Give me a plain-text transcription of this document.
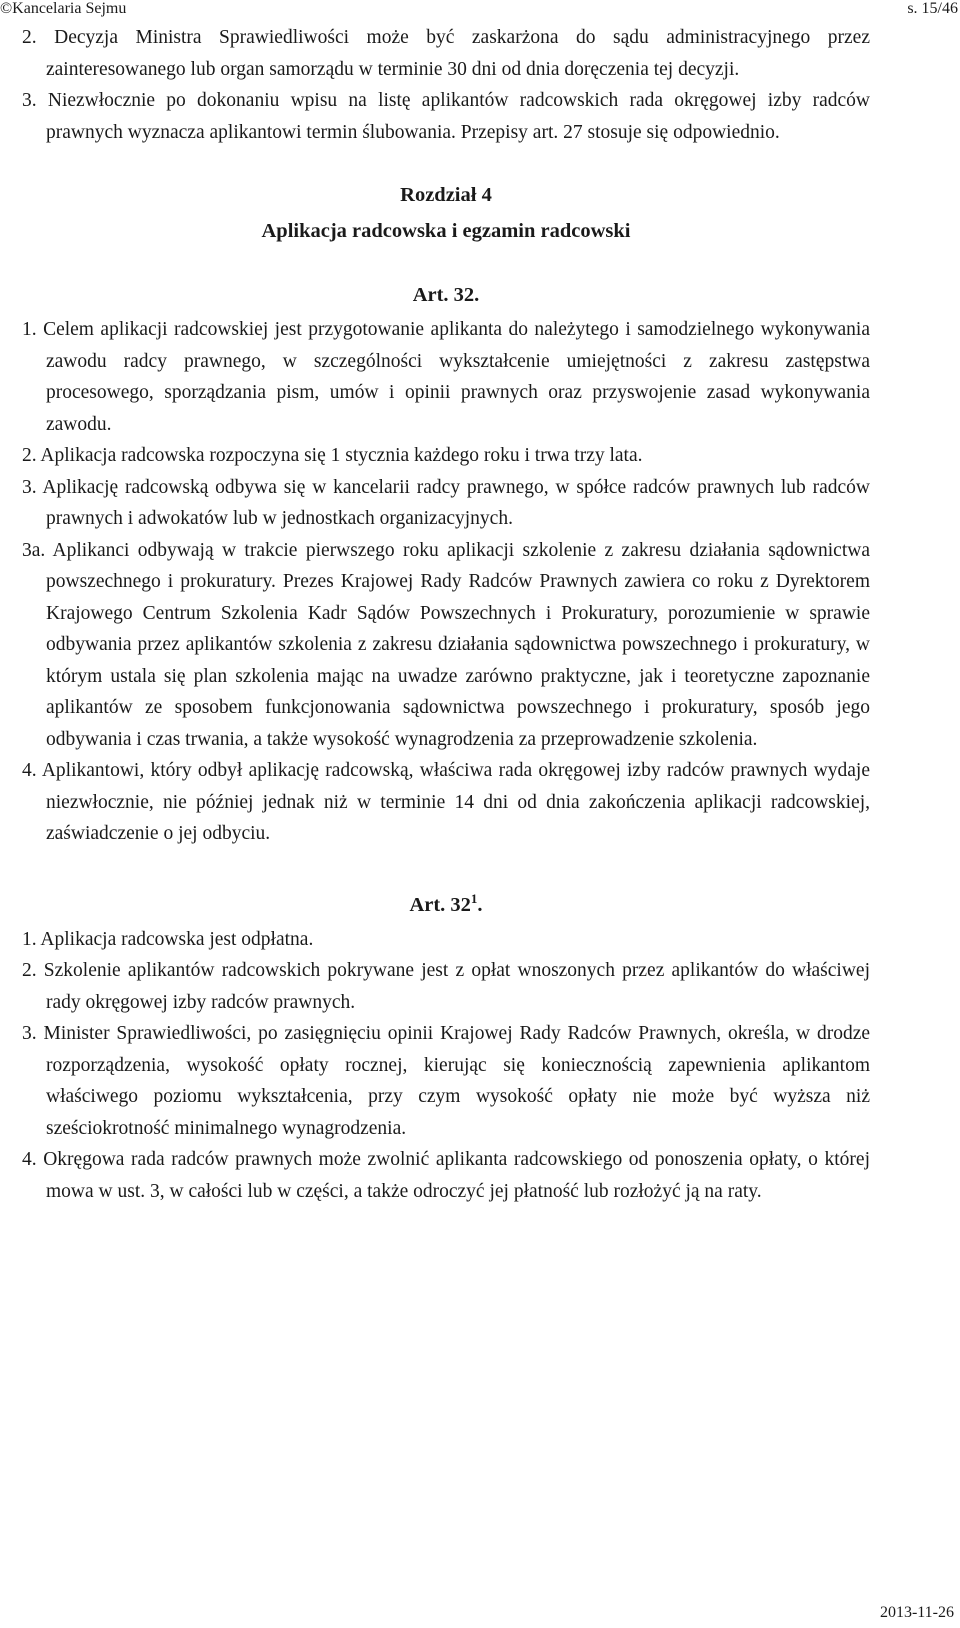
©Kancelaria Sejmu	s. 15/46

2. Decyzja Ministra Sprawiedliwości może być zaskarżona do sądu administracyjnego przez zainteresowanego lub organ samorządu w terminie 30 dni od dnia doręczenia tej decyzji.

3. Niezwłocznie po dokonaniu wpisu na listę aplikantów radcowskich rada okręgowej izby radców prawnych wyznacza aplikantowi termin ślubowania. Przepisy art. 27 stosuje się odpowiednio.

Rozdział 4

Aplikacja radcowska i egzamin radcowski

Art. 32.

1. Celem aplikacji radcowskiej jest przygotowanie aplikanta do należytego i samodzielnego wykonywania zawodu radcy prawnego, w szczególności wykształcenie umiejętności z zakresu zastępstwa procesowego, sporządzania pism, umów i opinii prawnych oraz przyswojenie zasad wykonywania zawodu.

2. Aplikacja radcowska rozpoczyna się 1 stycznia każdego roku i trwa trzy lata.

3. Aplikację radcowską odbywa się w kancelarii radcy prawnego, w spółce radców prawnych lub radców prawnych i adwokatów lub w jednostkach organizacyjnych.

3a. Aplikanci odbywają w trakcie pierwszego roku aplikacji szkolenie z zakresu działania sądownictwa powszechnego i prokuratury. Prezes Krajowej Rady Radców Prawnych zawiera co roku z Dyrektorem Krajowego Centrum Szkolenia Kadr Sądów Powszechnych i Prokuratury, porozumienie w sprawie odbywania przez aplikantów szkolenia z zakresu działania sądownictwa powszechnego i prokuratury, w którym ustala się plan szkolenia mając na uwadze zarówno praktyczne, jak i teoretyczne zapoznanie aplikantów ze sposobem funkcjonowania sądownictwa powszechnego i prokuratury, sposób jego odbywania i czas trwania, a także wysokość wynagrodzenia za przeprowadzenie szkolenia.

4. Aplikantowi, który odbył aplikację radcowską, właściwa rada okręgowej izby radców prawnych wydaje niezwłocznie, nie później jednak niż w terminie 14 dni od dnia zakończenia aplikacji radcowskiej, zaświadczenie o jej odbyciu.

Art. $32^1$.

1. Aplikacja radcowska jest odpłatna.

2. Szkolenie aplikantów radcowskich pokrywane jest z opłat wnoszonych przez aplikantów do właściwej rady okręgowej izby radców prawnych.

3. Minister Sprawiedliwości, po zasięgnięciu opinii Krajowej Rady Radców Prawnych, określa, w drodze rozporządzenia, wysokość opłaty rocznej, kierując się koniecznością zapewnienia aplikantom właściwego poziomu wykształcenia, przy czym wysokość opłaty nie może być wyższa niż sześciokrotność minimalnego wynagrodzenia.

4. Okręgowa rada radców prawnych może zwolnić aplikanta radcowskiego od ponoszenia opłaty, o której mowa w ust. 3, w całości lub w części, a także odroczyć jej płatność lub rozłożyć ją na raty.

2013-11-26
